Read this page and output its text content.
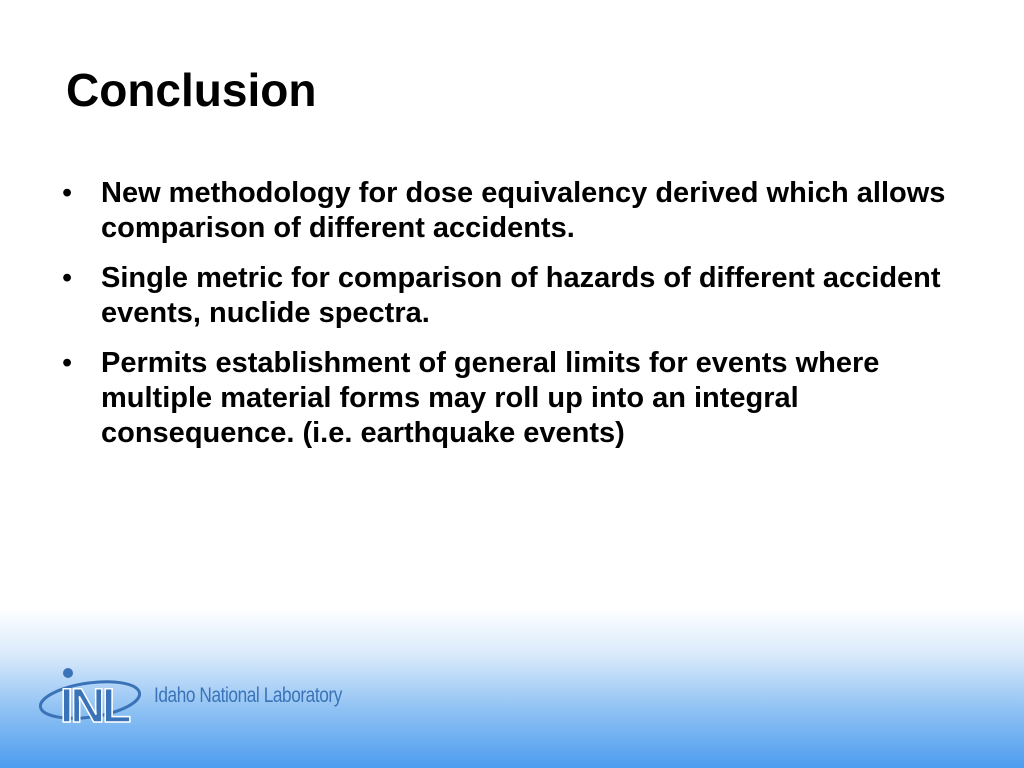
Conclusion
• New methodology for dose equivalency derived which allows comparison of different accidents.
• Single metric for comparison of hazards of different accident events, nuclide spectra.
• Permits establishment of general limits for events where multiple material forms may roll up into an integral consequence. (i.e. earthquake events)
INL Idaho National Laboratory
